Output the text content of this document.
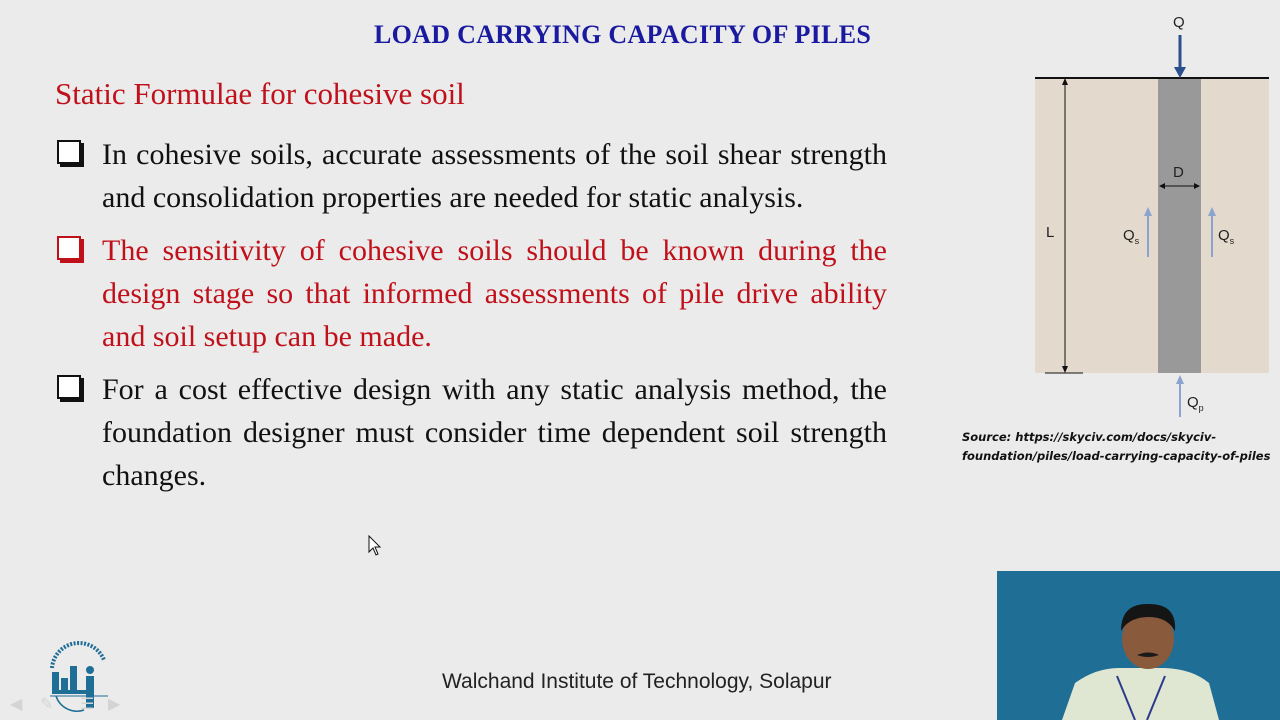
LOAD CARRYING CAPACITY OF PILES
Static Formulae for cohesive soil
In cohesive soils, accurate assessments of the soil shear strength and consolidation properties are needed for static analysis.
The sensitivity of cohesive soils should be known during the design stage so that informed assessments of pile drive ability and soil setup can be made.
For a cost effective design with any static analysis method, the foundation designer must consider time dependent soil strength changes.
L
Q
D
$Q_s$	$Q_s$
$Q_p$
Source: https://skyciv.com/docs/skyciv-
foundation/piles/load-carrying-capacity-of-piles
◀ ✎ ☰ ▶
Walchand Institute of Technology, Solapur
